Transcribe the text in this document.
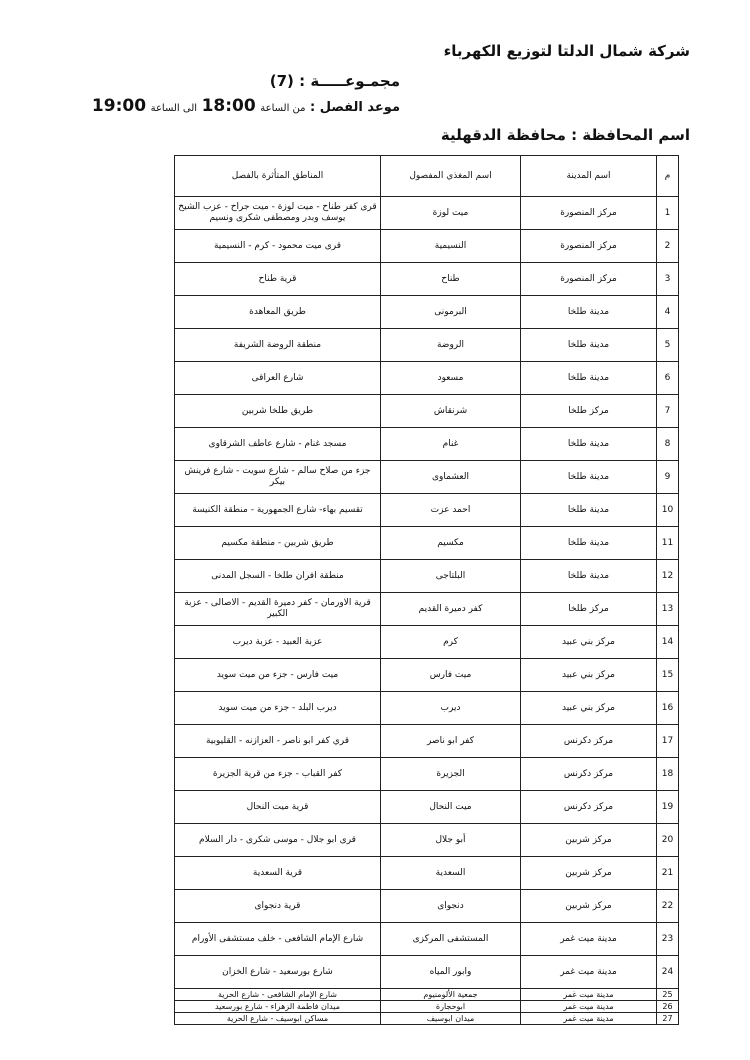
شركة شمال الدلتا لتوزيع الكهرباء
مجمـوعـــــة : (7)
موعد الفصل : من الساعة 18:00 الى الساعة 19:00
اسم المحافظة : محافظة الدقهلية
م	اسم المدينة	اسم المغذي المفصول	المناطق المتأثرة بالفصل
1	مركز المنصورة	ميت لوزة	قرى كفر طناح - ميت لوزة - ميت جراح - عزب الشيخ يوسف وبدر ومصطفى شكرى ونسيم
2	مركز المنصورة	النسيمية	قرى ميت محمود - كرم - النسيمية
3	مركز المنصورة	طناح	قرية طناح
4	مدينة طلخا	البرمونى	طريق المعاهدة
5	مدينة طلخا	الروضة	منطقة الروضة الشريفة
6	مدينة طلخا	مسعود	شارع العراقى
7	مركز طلخا	شرنقاش	طريق طلخا شربين
8	مدينة طلخا	غنام	مسجد غنام - شارع عاطف الشرقاوى
9	مدينة طلخا	العشماوى	جزء من صلاح سالم - شارع سويت - شارع فرينش بيكر
10	مدينة طلخا	احمد عزت	تقسيم بهاء- شارع الجمهورية - منطقة الكنيسة
11	مدينة طلخا	مكسيم	طريق شربين - منطقة مكسيم
12	مدينة طلخا	البلتاجى	منطقة افران طلخا - السجل المدنى
13	مركز طلخا	كفر دميرة القديم	قرية الاورمان - كفر دميرة القديم - الاصالى - عزبة الكبير
14	مركز بني عبيد	كرم	عزبة العبيد - عزبة ديرب
15	مركز بني عبيد	ميت فارس	ميت فارس - جزء من ميت سويد
16	مركز بني عبيد	ديرب	ديرب البلد - جزء من ميت سويد
17	مركز دكرنس	كفر ابو ناصر	قري كفر ابو ناصر - العزازنه - القليوبية
18	مركز دكرنس	الجزيرة	كفر القباب - جزء من قرية الجزيرة
19	مركز دكرنس	ميت النحال	قرية ميت النحال
20	مركز شربين	أبو جلال	قرى ابو جلال - موسى شكرى - دار السلام
21	مركز شربين	السعدية	قرية السعدية
22	مركز شربين	دنجواى	قرية دنجواى
23	مدينة ميت غمر	المستشفى المركزى	شارع الإمام الشافعى - خلف مستشفى الأورام
24	مدينة ميت غمر	وابور المياه	شارع بورسعيد - شارع الخزان
25	مدينة ميت غمر	جمعية الألومنيوم	شارع الإمام الشافعى - شارع الحرية
26	مدينة ميت غمر	ابوحجارة	ميدان فاطمة الزهراء - شارع بورسعيد
27	مدينة ميت غمر	ميدان ابوسيف	مساكن ابوسيف - شارع الحرية
